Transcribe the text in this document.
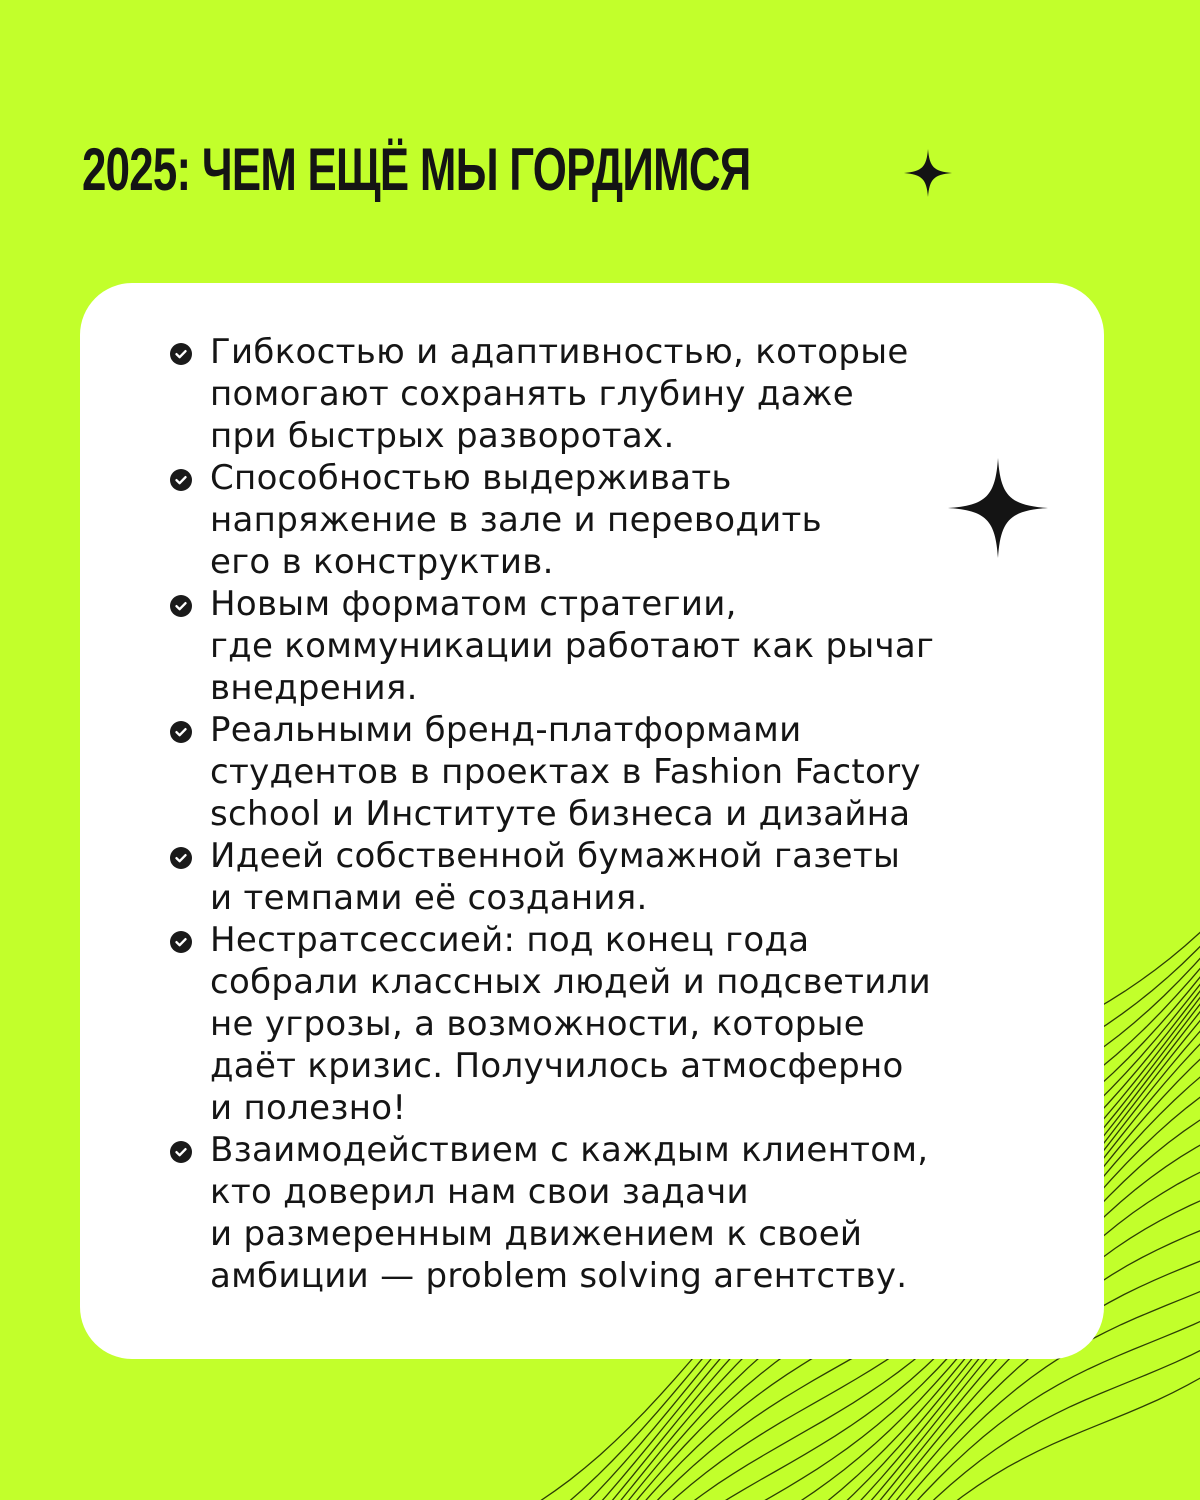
2025: ЧЕМ ЕЩЁ МЫ ГОРДИМСЯ
Гибкостью и адаптивностью, которые
помогают сохранять глубину даже
при быстрых разворотах.
Способностью выдерживать
напряжение в зале и переводить
его в конструктив.
Новым форматом стратегии,
где коммуникации работают как рычаг
внедрения.
Реальными бренд-платформами
студентов в проектах в Fashion Factory
school и Институте бизнеса и дизайна
Идеей собственной бумажной газеты
и темпами её создания.
Нестратсессией: под конец года
собрали классных людей и подсветили
не угрозы, а возможности, которые
даёт кризис. Получилось атмосферно
и полезно!
Взаимодействием с каждым клиентом,
кто доверил нам свои задачи
и размеренным движением к своей
амбиции — problem solving агентству.
